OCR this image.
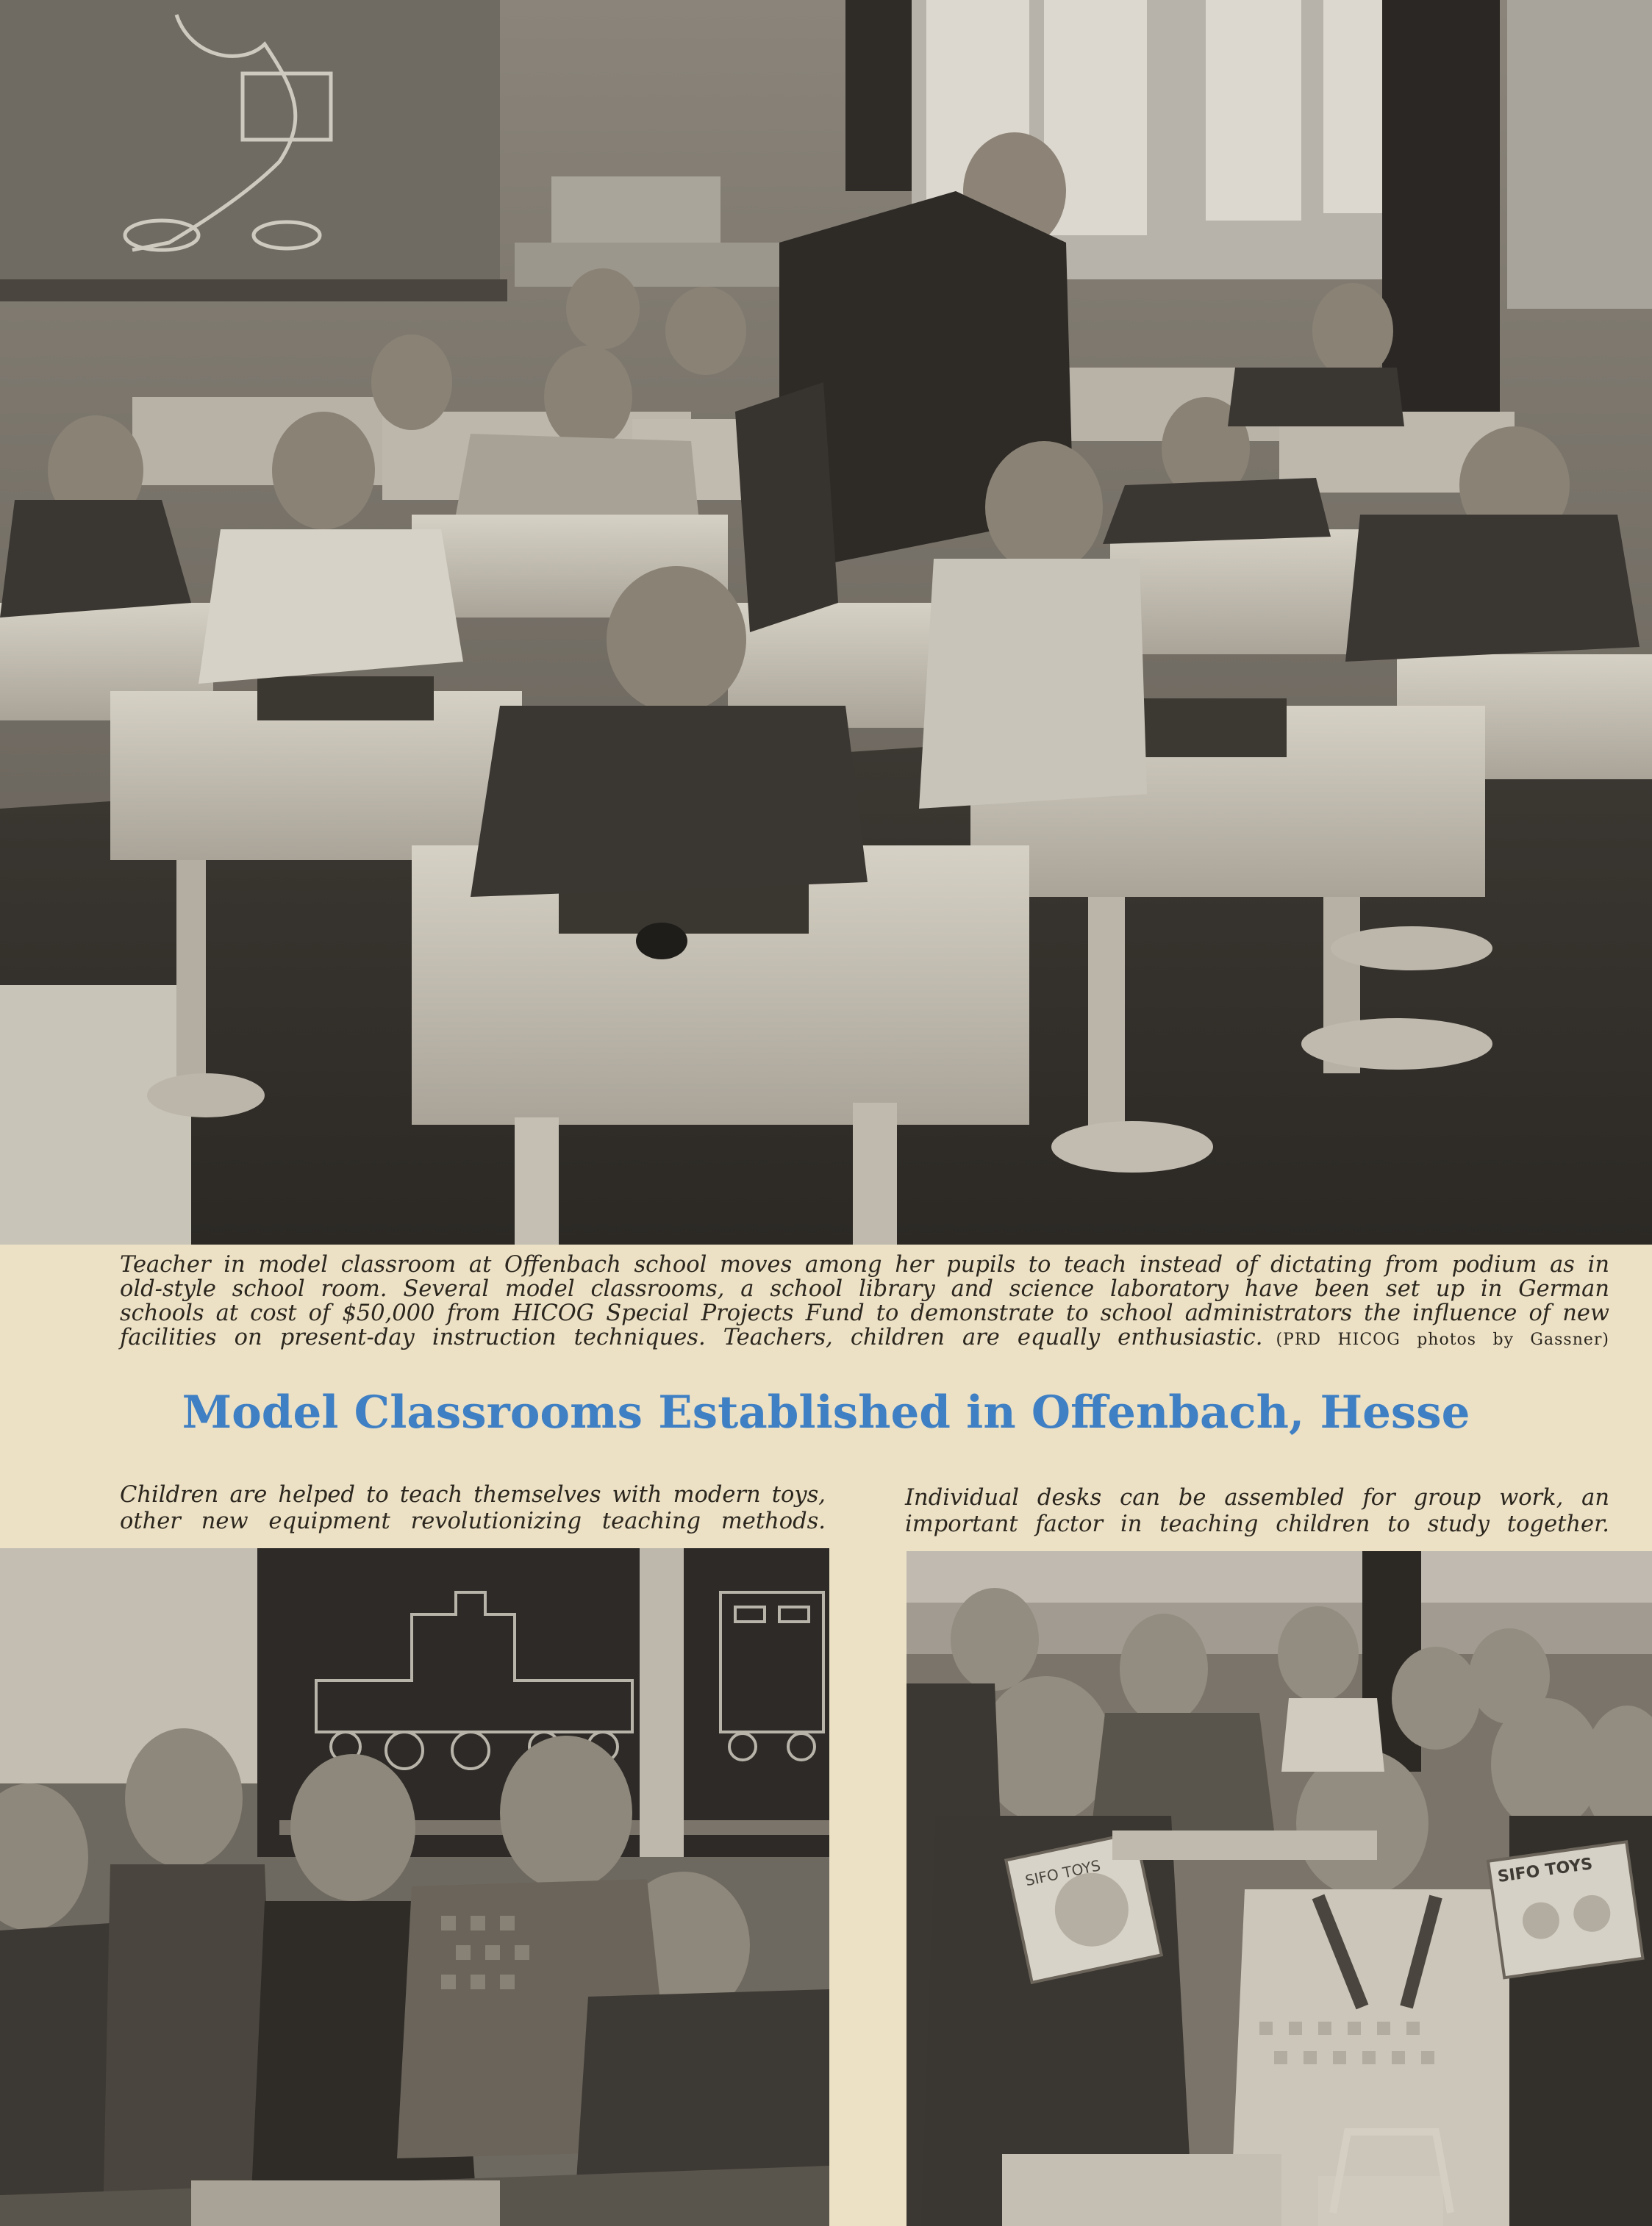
Teacher in model classroom at Offenbach school moves among her pupils to teach instead of dictating from podium as in
old-style school room. Several model classrooms, a school library and science laboratory have been set up in German
schools at cost of $50,000 from HICOG Special Projects Fund to demonstrate to school administrators the influence of new
facilities on present-day instruction techniques. Teachers, children are equally enthusiastic. (PRD HICOG photos by Gassner)
Model Classrooms Established in Offenbach, Hesse
Children are helped to teach themselves with modern toys,
other new equipment revolutionizing teaching methods.
Individual desks can be assembled for group work, an
important factor in teaching children to study together.
SIFO TOYS	SIFO TOYS
